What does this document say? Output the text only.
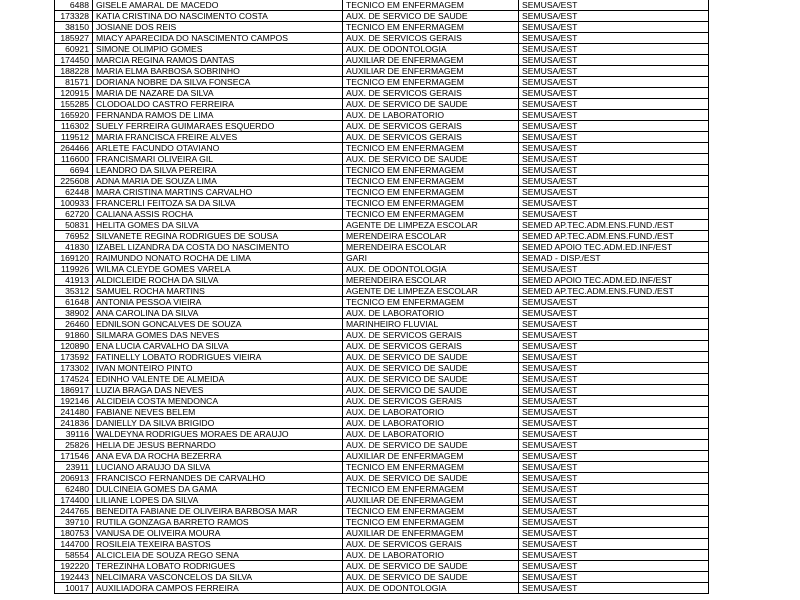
6488	GISELE AMARAL DE MACEDO	TECNICO EM ENFERMAGEM	SEMUSA/EST
173328	KATIA CRISTINA DO NASCIMENTO COSTA	AUX. DE SERVICO DE SAUDE	SEMUSA/EST
38150	JOSIANE DOS REIS	TECNICO EM ENFERMAGEM	SEMUSA/EST
185927	MIACY APARECIDA DO NASCIMENTO CAMPOS	AUX. DE SERVICOS GERAIS	SEMUSA/EST
60921	SIMONE OLIMPIO GOMES	AUX. DE ODONTOLOGIA	SEMUSA/EST
174450	MARCIA REGINA RAMOS DANTAS	AUXILIAR DE ENFERMAGEM	SEMUSA/EST
188228	MARIA ELMA BARBOSA SOBRINHO	AUXILIAR DE ENFERMAGEM	SEMUSA/EST
81571	DORIANA NOBRE DA SILVA FONSECA	TECNICO EM ENFERMAGEM	SEMUSA/EST
120915	MARIA DE NAZARE DA SILVA	AUX. DE SERVICOS GERAIS	SEMUSA/EST
155285	CLODOALDO CASTRO FERREIRA	AUX. DE SERVICO DE SAUDE	SEMUSA/EST
165920	FERNANDA RAMOS DE LIMA	AUX. DE LABORATORIO	SEMUSA/EST
116302	SUELY FERREIRA GUIMARAES ESQUERDO	AUX. DE SERVICOS GERAIS	SEMUSA/EST
119512	MARIA FRANCISCA FREIRE ALVES	AUX. DE SERVICOS GERAIS	SEMUSA/EST
264466	ARLETE FACUNDO OTAVIANO	TECNICO EM ENFERMAGEM	SEMUSA/EST
116600	FRANCISMARI OLIVEIRA GIL	AUX. DE SERVICO DE SAUDE	SEMUSA/EST
6694	LEANDRO DA SILVA PEREIRA	TECNICO EM ENFERMAGEM	SEMUSA/EST
225608	ADNA MARIA DE SOUZA LIMA	TECNICO EM ENFERMAGEM	SEMUSA/EST
62448	MARA CRISTINA MARTINS CARVALHO	TECNICO EM ENFERMAGEM	SEMUSA/EST
100933	FRANCERLI FEITOZA SA DA SILVA	TECNICO EM ENFERMAGEM	SEMUSA/EST
62720	CALIANA ASSIS ROCHA	TECNICO EM ENFERMAGEM	SEMUSA/EST
50831	HELITA GOMES DA SILVA	AGENTE DE LIMPEZA ESCOLAR	SEMED AP.TEC.ADM.ENS.FUND./EST
76952	SILVANETE REGINA RODRIGUES DE SOUSA	MERENDEIRA ESCOLAR	SEMED AP.TEC.ADM.ENS.FUND./EST
41830	IZABEL LIZANDRA DA COSTA DO NASCIMENTO	MERENDEIRA ESCOLAR	SEMED APOIO TEC.ADM.ED.INF/EST
169120	RAIMUNDO NONATO ROCHA DE LIMA	GARI	SEMAD - DISP./EST
119926	WILMA CLEYDE GOMES VARELA	AUX. DE ODONTOLOGIA	SEMUSA/EST
41913	ALDICLEIDE ROCHA DA SILVA	MERENDEIRA ESCOLAR	SEMED APOIO TEC.ADM.ED.INF/EST
35312	SAMUEL ROCHA MARTINS	AGENTE DE LIMPEZA ESCOLAR	SEMED AP.TEC.ADM.ENS.FUND./EST
61648	ANTONIA PESSOA VIEIRA	TECNICO EM ENFERMAGEM	SEMUSA/EST
38902	ANA CAROLINA DA SILVA	AUX. DE LABORATORIO	SEMUSA/EST
26460	EDNILSON GONCALVES DE SOUZA	MARINHEIRO FLUVIAL	SEMUSA/EST
91860	SILMARA GOMES DAS NEVES	AUX. DE SERVICOS GERAIS	SEMUSA/EST
120890	ENA LUCIA CARVALHO DA SILVA	AUX. DE SERVICOS GERAIS	SEMUSA/EST
173592	FATINELLY LOBATO RODRIGUES VIEIRA	AUX. DE SERVICO DE SAUDE	SEMUSA/EST
173302	IVAN MONTEIRO PINTO	AUX. DE SERVICO DE SAUDE	SEMUSA/EST
174524	EDINHO VALENTE DE ALMEIDA	AUX. DE SERVICO DE SAUDE	SEMUSA/EST
186917	LUZIA BRAGA DAS NEVES	AUX. DE SERVICO DE SAUDE	SEMUSA/EST
192146	ALCIDEIA COSTA MENDONCA	AUX. DE SERVICOS GERAIS	SEMUSA/EST
241480	FABIANE NEVES BELEM	AUX. DE LABORATORIO	SEMUSA/EST
241836	DANIELLY DA SILVA BRIGIDO	AUX. DE LABORATORIO	SEMUSA/EST
39116	WALDEYNA RODRIGUES MORAES DE ARAUJO	AUX. DE LABORATORIO	SEMUSA/EST
25826	HELIA DE JESUS BERNARDO	AUX. DE SERVICO DE SAUDE	SEMUSA/EST
171546	ANA EVA DA ROCHA BEZERRA	AUXILIAR DE ENFERMAGEM	SEMUSA/EST
23911	LUCIANO ARAUJO DA SILVA	TECNICO EM ENFERMAGEM	SEMUSA/EST
206913	FRANCISCO FERNANDES DE CARVALHO	AUX. DE SERVICO DE SAUDE	SEMUSA/EST
62480	DULCINEIA GOMES DA GAMA	TECNICO EM ENFERMAGEM	SEMUSA/EST
174400	LILIANE LOPES DA SILVA	AUXILIAR DE ENFERMAGEM	SEMUSA/EST
244765	BENEDITA FABIANE DE OLIVEIRA BARBOSA MAR	TECNICO EM ENFERMAGEM	SEMUSA/EST
39710	RUTILA GONZAGA BARRETO RAMOS	TECNICO EM ENFERMAGEM	SEMUSA/EST
180753	VANUSA DE OLIVEIRA MOURA	AUXILIAR DE ENFERMAGEM	SEMUSA/EST
144700	ROSILEIA TEXEIRA BASTOS	AUX. DE SERVICOS GERAIS	SEMUSA/EST
58554	ALCICLEIA DE SOUZA REGO SENA	AUX. DE LABORATORIO	SEMUSA/EST
192220	TEREZINHA LOBATO RODRIGUES	AUX. DE SERVICO DE SAUDE	SEMUSA/EST
192443	NELCIMARA VASCONCELOS DA SILVA	AUX. DE SERVICO DE SAUDE	SEMUSA/EST
10017	AUXILIADORA CAMPOS FERREIRA	AUX. DE ODONTOLOGIA	SEMUSA/EST
